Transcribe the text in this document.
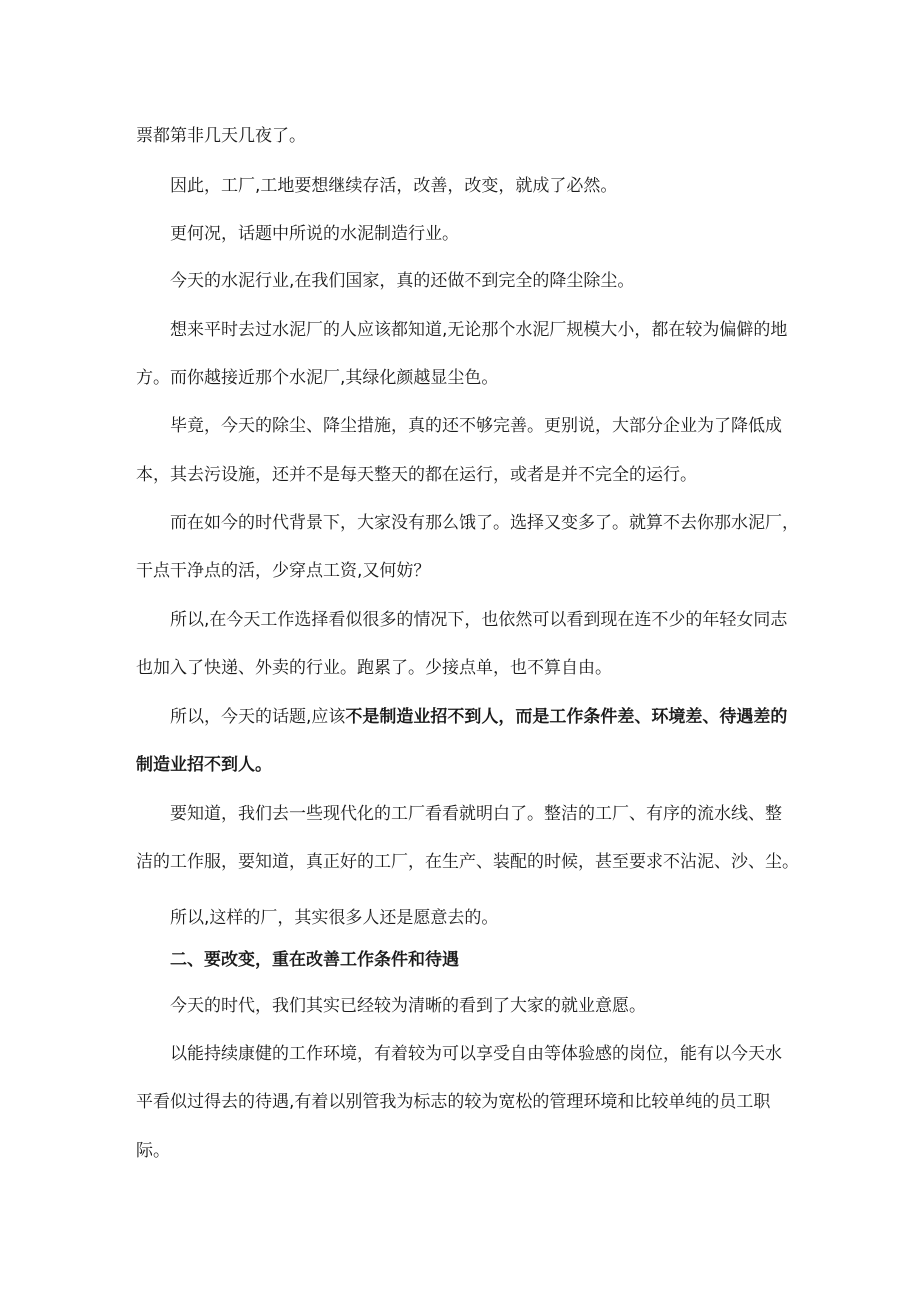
票都第非几天几夜了。
因此，工厂,工地要想继续存活，改善，改变，就成了必然。
更何况，话题中所说的水泥制造行业。
今天的水泥行业,在我们国家，真的还做不到完全的降尘除尘。
想来平时去过水泥厂的人应该都知道,无论那个水泥厂规模大小，都在较为偏僻的地
方。而你越接近那个水泥厂,其绿化颜越显尘色。
毕竟，今天的除尘、降尘措施，真的还不够完善。更别说，大部分企业为了降低成
本，其去污设施，还并不是每天整天的都在运行，或者是并不完全的运行。
而在如今的时代背景下，大家没有那么饿了。选择又变多了。就算不去你那水泥厂，
干点干净点的活，少穿点工资,又何妨？
所以,在今天工作选择看似很多的情况下，也依然可以看到现在连不少的年轻女同志
也加入了快递、外卖的行业。跑累了。少接点单，也不算自由。
所以，今天的话题,应该不是制造业招不到人，而是工作条件差、环境差、待遇差的
制造业招不到人。
要知道，我们去一些现代化的工厂看看就明白了。整洁的工厂、有序的流水线、整
洁的工作服，要知道，真正好的工厂，在生产、装配的时候，甚至要求不沾泥、沙、尘。
所以,这样的厂，其实很多人还是愿意去的。
二、要改变，重在改善工作条件和待遇
今天的时代，我们其实已经较为清晰的看到了大家的就业意愿。
以能持续康健的工作环境，有着较为可以享受自由等体验感的岗位，能有以今天水
平看似过得去的待遇,有着以别管我为标志的较为宽松的管理环境和比较单纯的员工职
际。
